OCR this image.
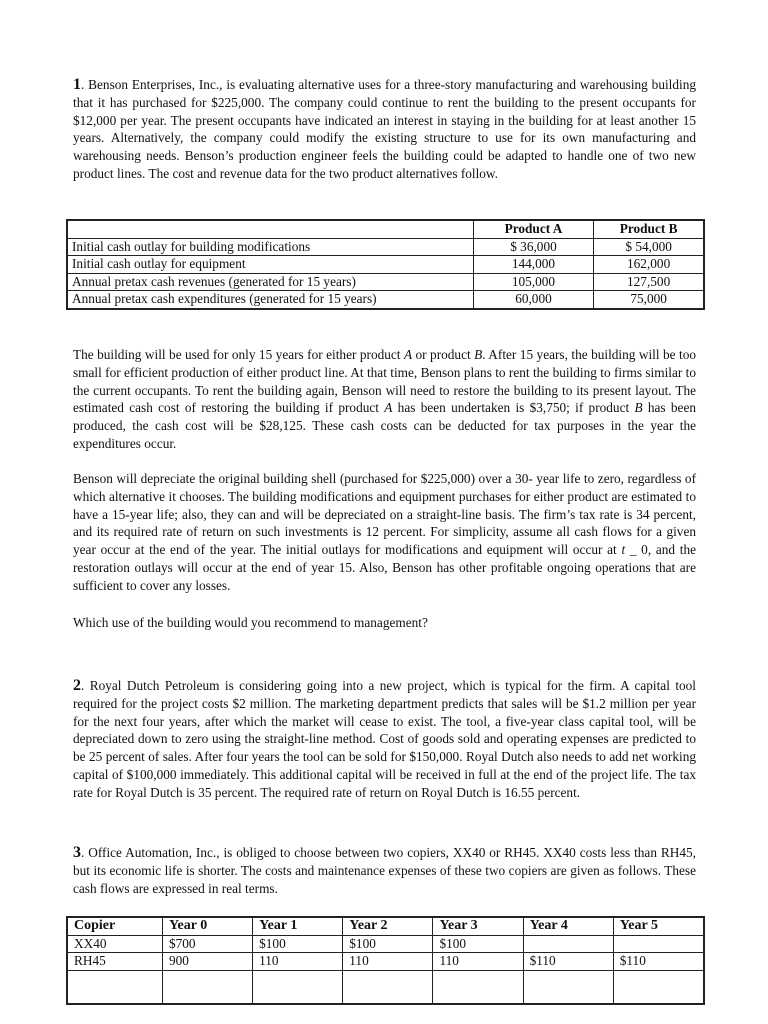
1. Benson Enterprises, Inc., is evaluating alternative uses for a three-story manufacturing and warehousing building that it has purchased for $225,000. The company could continue to rent the building to the present occupants for $12,000 per year. The present occupants have indicated an interest in staying in the building for at least another 15 years. Alternatively, the company could modify the existing structure to use for its own manufacturing and warehousing needs. Benson’s production engineer feels the building could be adapted to handle one of two new product lines. The cost and revenue data for the two product alternatives follow.

	Product A	Product B
Initial cash outlay for building modifications	$ 36,000	$ 54,000
Initial cash outlay for equipment	144,000	162,000
Annual pretax cash revenues (generated for 15 years)	105,000	127,500
Annual pretax cash expenditures (generated for 15 years)	60,000	75,000

The building will be used for only 15 years for either product A or product B. After 15 years, the building will be too small for efficient production of either product line. At that time, Benson plans to rent the building to firms similar to the current occupants. To rent the building again, Benson will need to restore the building to its present layout. The estimated cash cost of restoring the building if product A has been undertaken is $3,750; if product B has been produced, the cash cost will be $28,125. These cash costs can be deducted for tax purposes in the year the expenditures occur.

Benson will depreciate the original building shell (purchased for $225,000) over a 30- year life to zero, regardless of which alternative it chooses. The building modifications and equipment purchases for either product are estimated to have a 15-year life; also, they can and will be depreciated on a straight-line basis. The firm’s tax rate is 34 percent, and its required rate of return on such investments is 12 percent. For simplicity, assume all cash flows for a given year occur at the end of the year. The initial outlays for modifications and equipment will occur at t _ 0, and the restoration outlays will occur at the end of year 15. Also, Benson has other profitable ongoing operations that are sufficient to cover any losses.

Which use of the building would you recommend to management?

2. Royal Dutch Petroleum is considering going into a new project, which is typical for the firm. A capital tool required for the project costs $2 million. The marketing department predicts that sales will be $1.2 million per year for the next four years, after which the market will cease to exist. The tool, a five-year class capital tool, will be depreciated down to zero using the straight-line method. Cost of goods sold and operating expenses are predicted to be 25 percent of sales. After four years the tool can be sold for $150,000. Royal Dutch also needs to add net working capital of $100,000 immediately. This additional capital will be received in full at the end of the project life. The tax rate for Royal Dutch is 35 percent. The required rate of return on Royal Dutch is 16.55 percent.

3. Office Automation, Inc., is obliged to choose between two copiers, XX40 or RH45. XX40 costs less than RH45, but its economic life is shorter. The costs and maintenance expenses of these two copiers are given as follows. These cash flows are expressed in real terms.

Copier	Year 0	Year 1	Year 2	Year 3	Year 4	Year 5
XX40	$700	$100	$100	$100		
RH45	900	110	110	110	$110	$110
